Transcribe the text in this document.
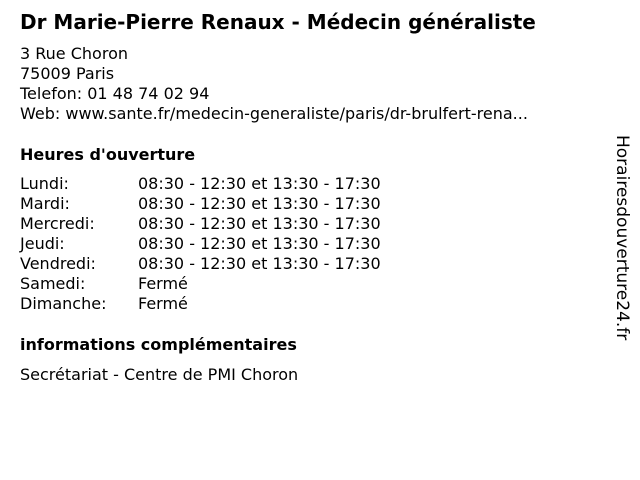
Dr Marie-Pierre Renaux - Médecin généraliste
3 Rue Choron
75009 Paris
Telefon: 01 48 74 02 94
Web: www.sante.fr/medecin-generaliste/paris/dr-brulfert-rena...
Heures d'ouverture
Lundi:	08:30 - 12:30 et 13:30 - 17:30
Mardi:	08:30 - 12:30 et 13:30 - 17:30
Mercredi:	08:30 - 12:30 et 13:30 - 17:30
Jeudi:	08:30 - 12:30 et 13:30 - 17:30
Vendredi:	08:30 - 12:30 et 13:30 - 17:30
Samedi:	Fermé
Dimanche:	Fermé
informations complémentaires
Secrétariat - Centre de PMI Choron
Horairesdouverture24.fr
